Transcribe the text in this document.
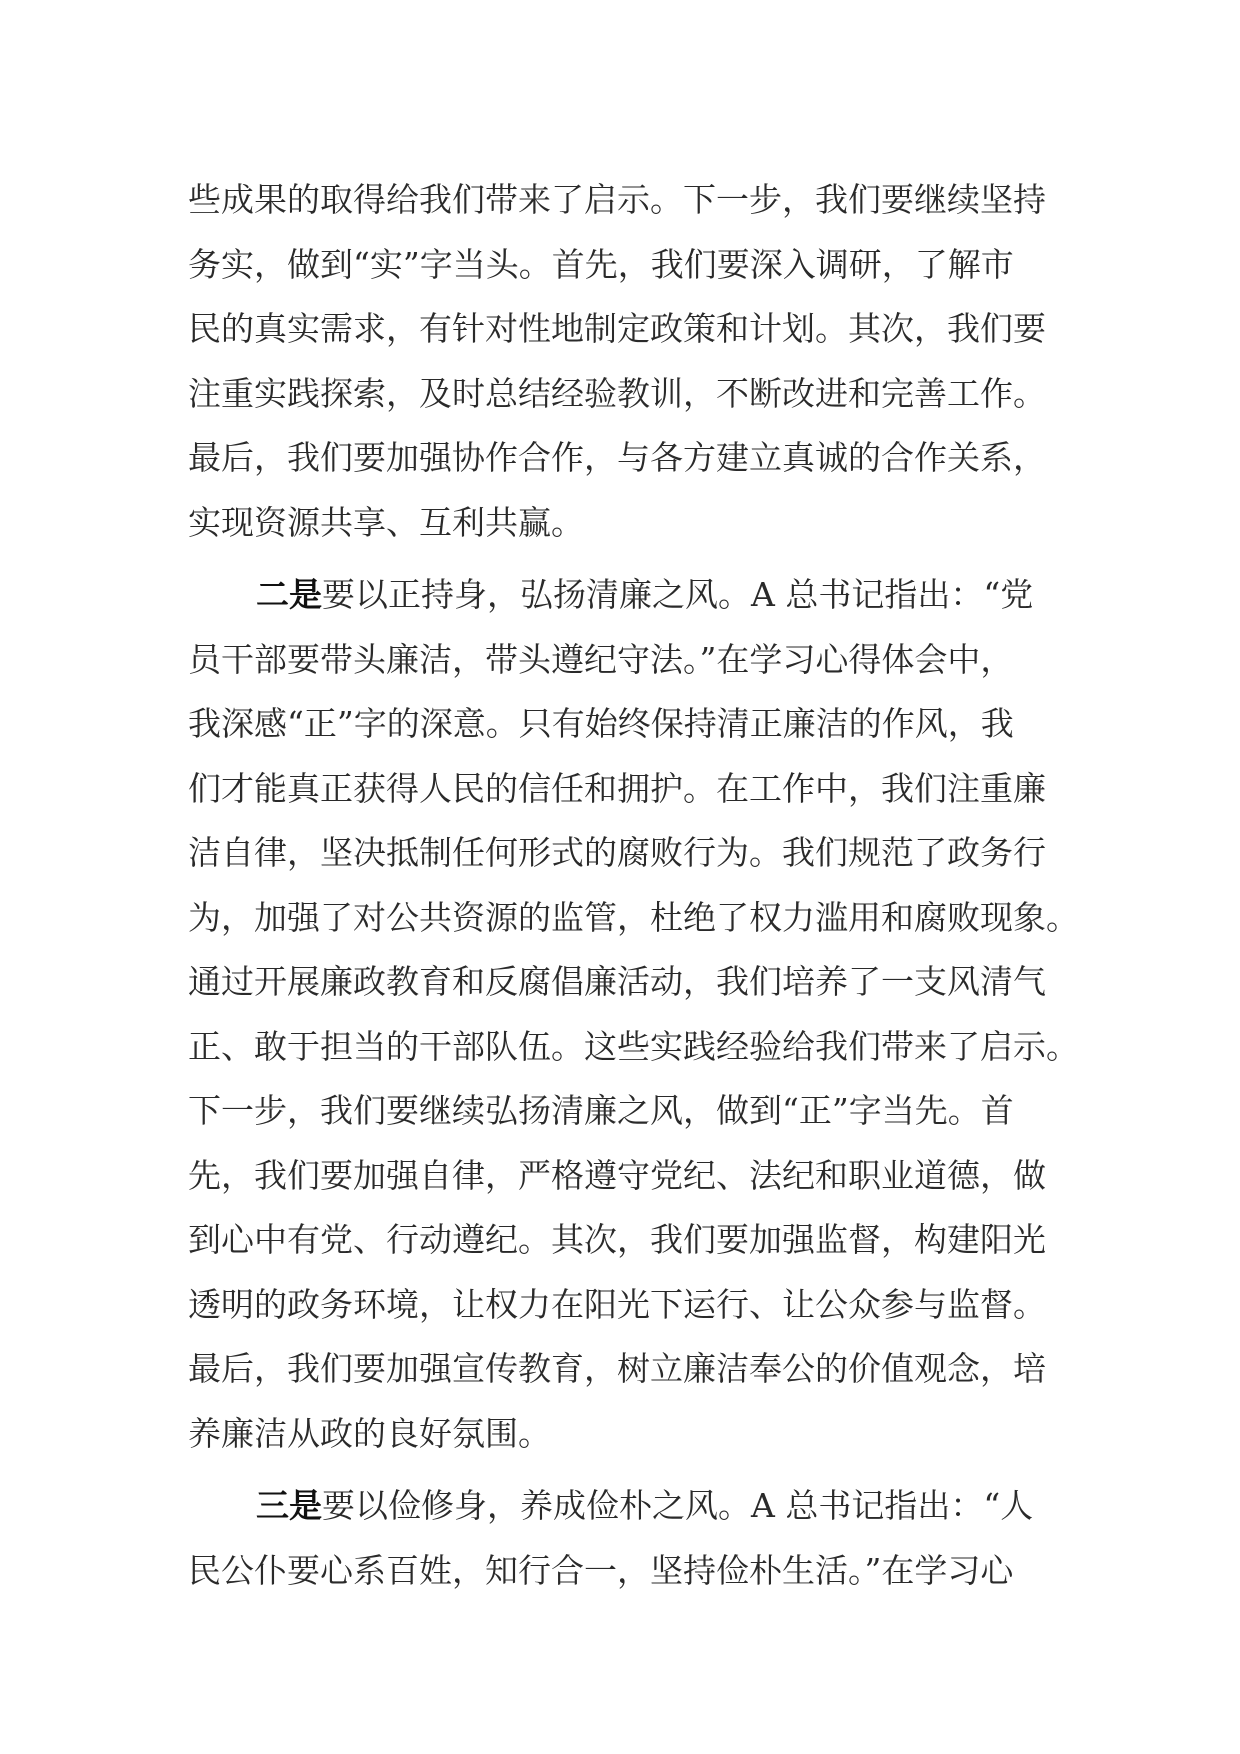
些成果的取得给我们带来了启示。下一步，我们要继续坚持
务实，做到“实”字当头。首先，我们要深入调研，了解市
民的真实需求，有针对性地制定政策和计划。其次，我们要
注重实践探索，及时总结经验教训，不断改进和完善工作。
最后，我们要加强协作合作，与各方建立真诚的合作关系，
实现资源共享、互利共赢。
二是要以正持身，弘扬清廉之风。A 总书记指出：“党
员干部要带头廉洁，带头遵纪守法。”在学习心得体会中，
我深感“正”字的深意。只有始终保持清正廉洁的作风，我
们才能真正获得人民的信任和拥护。在工作中，我们注重廉
洁自律，坚决抵制任何形式的腐败行为。我们规范了政务行
为，加强了对公共资源的监管，杜绝了权力滥用和腐败现象。
通过开展廉政教育和反腐倡廉活动，我们培养了一支风清气
正、敢于担当的干部队伍。这些实践经验给我们带来了启示。
下一步，我们要继续弘扬清廉之风，做到“正”字当先。首
先，我们要加强自律，严格遵守党纪、法纪和职业道德，做
到心中有党、行动遵纪。其次，我们要加强监督，构建阳光
透明的政务环境，让权力在阳光下运行、让公众参与监督。
最后，我们要加强宣传教育，树立廉洁奉公的价值观念，培
养廉洁从政的良好氛围。
三是要以俭修身，养成俭朴之风。A 总书记指出：“人
民公仆要心系百姓，知行合一，坚持俭朴生活。”在学习心
